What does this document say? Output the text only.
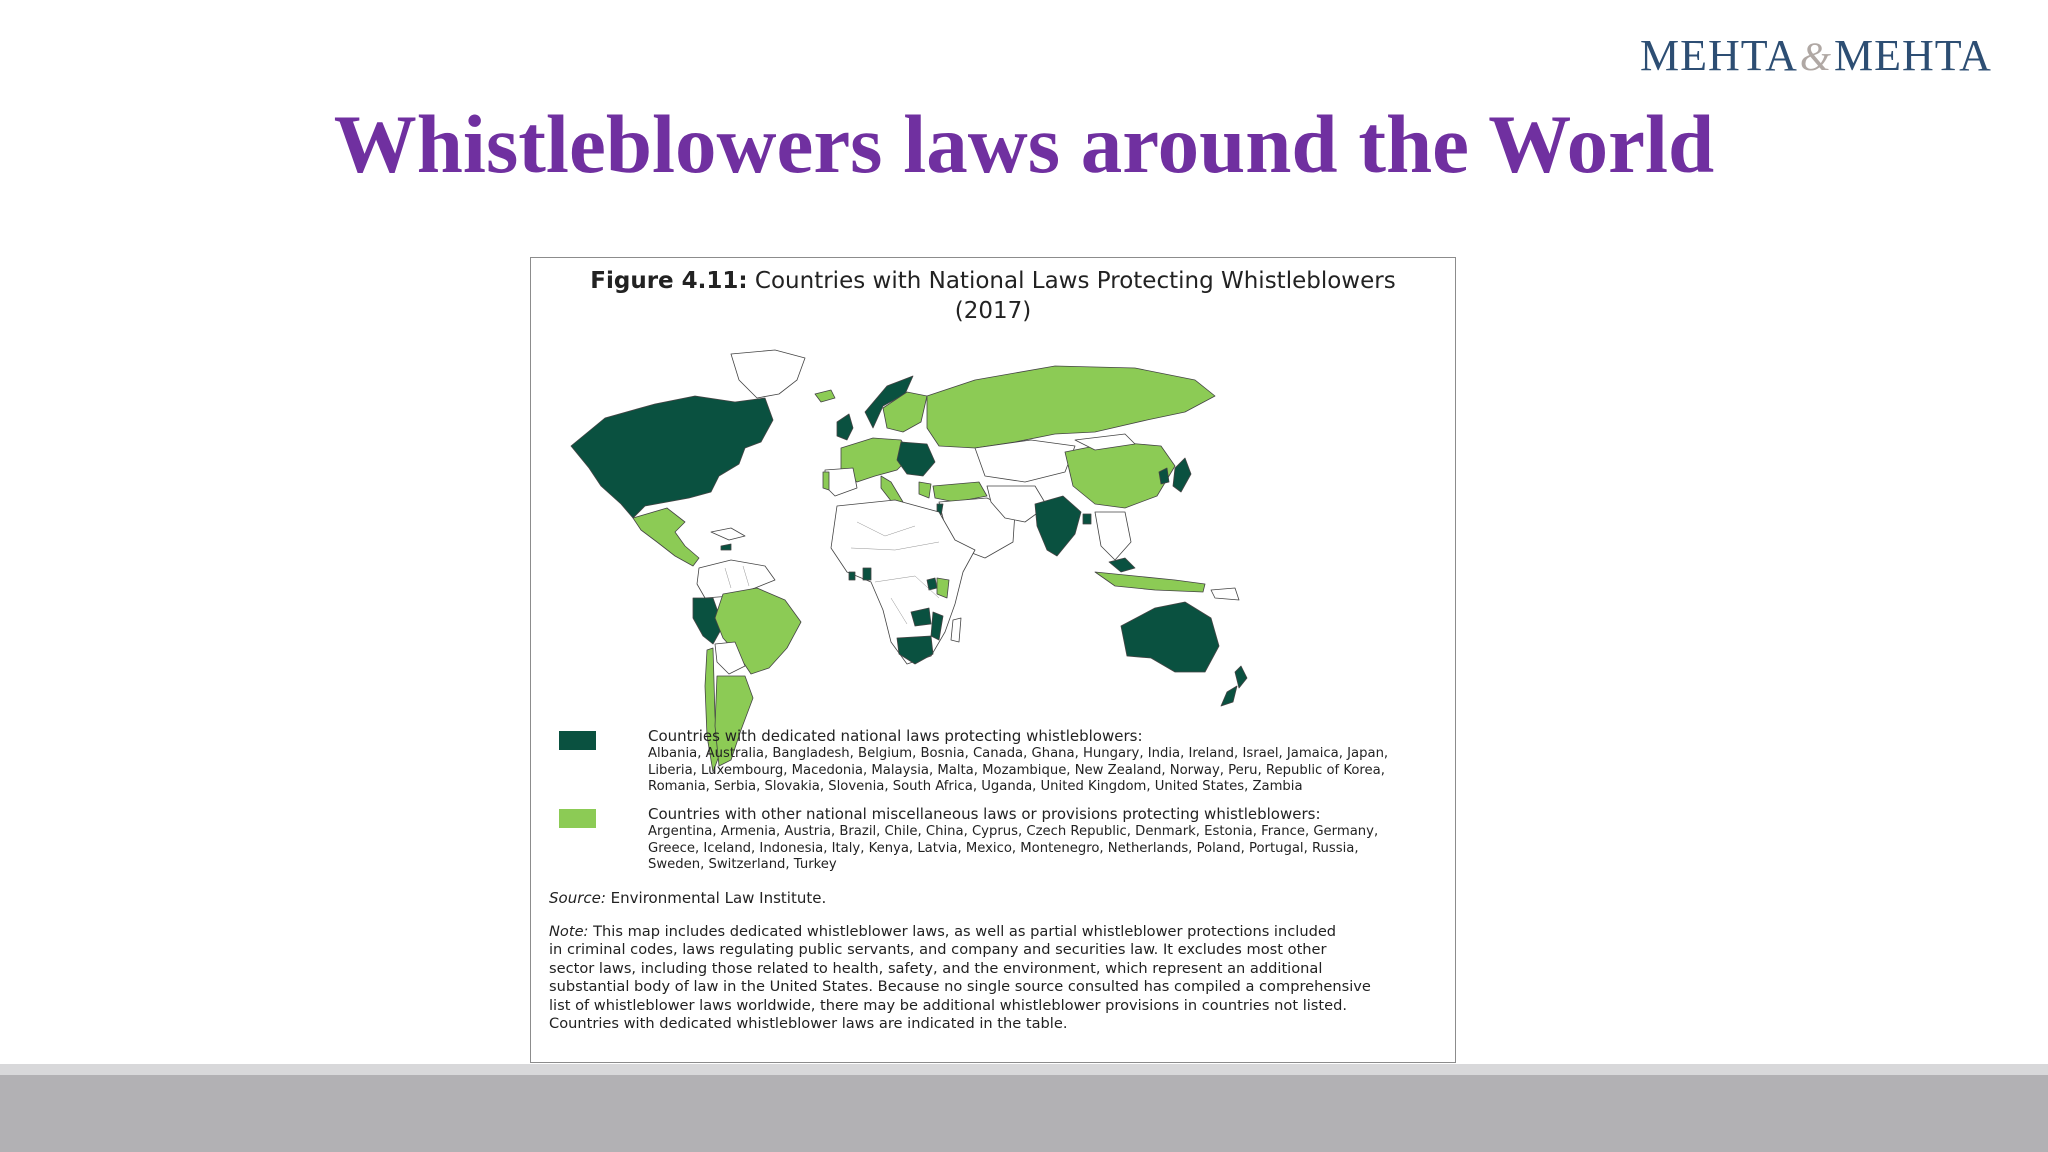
MEHTA&MEHTA
Whistleblowers laws around the World
Figure 4.11: Countries with National Laws Protecting Whistleblowers
(2017)
Countries with dedicated national laws protecting whistleblowers:
Albania, Australia, Bangladesh, Belgium, Bosnia, Canada, Ghana, Hungary, India, Ireland, Israel, Jamaica, Japan,
Liberia, Luxembourg, Macedonia, Malaysia, Malta, Mozambique, New Zealand, Norway, Peru, Republic of Korea,
Romania, Serbia, Slovakia, Slovenia, South Africa, Uganda, United Kingdom, United States, Zambia
Countries with other national miscellaneous laws or provisions protecting whistleblowers:
Argentina, Armenia, Austria, Brazil, Chile, China, Cyprus, Czech Republic, Denmark, Estonia, France, Germany,
Greece, Iceland, Indonesia, Italy, Kenya, Latvia, Mexico, Montenegro, Netherlands, Poland, Portugal, Russia,
Sweden, Switzerland, Turkey
Source: Environmental Law Institute.
Note: This map includes dedicated whistleblower laws, as well as partial whistleblower protections included
in criminal codes, laws regulating public servants, and company and securities law. It excludes most other
sector laws, including those related to health, safety, and the environment, which represent an additional
substantial body of law in the United States. Because no single source consulted has compiled a comprehensive
list of whistleblower laws worldwide, there may be additional whistleblower provisions in countries not listed.
Countries with dedicated whistleblower laws are indicated in the table.
